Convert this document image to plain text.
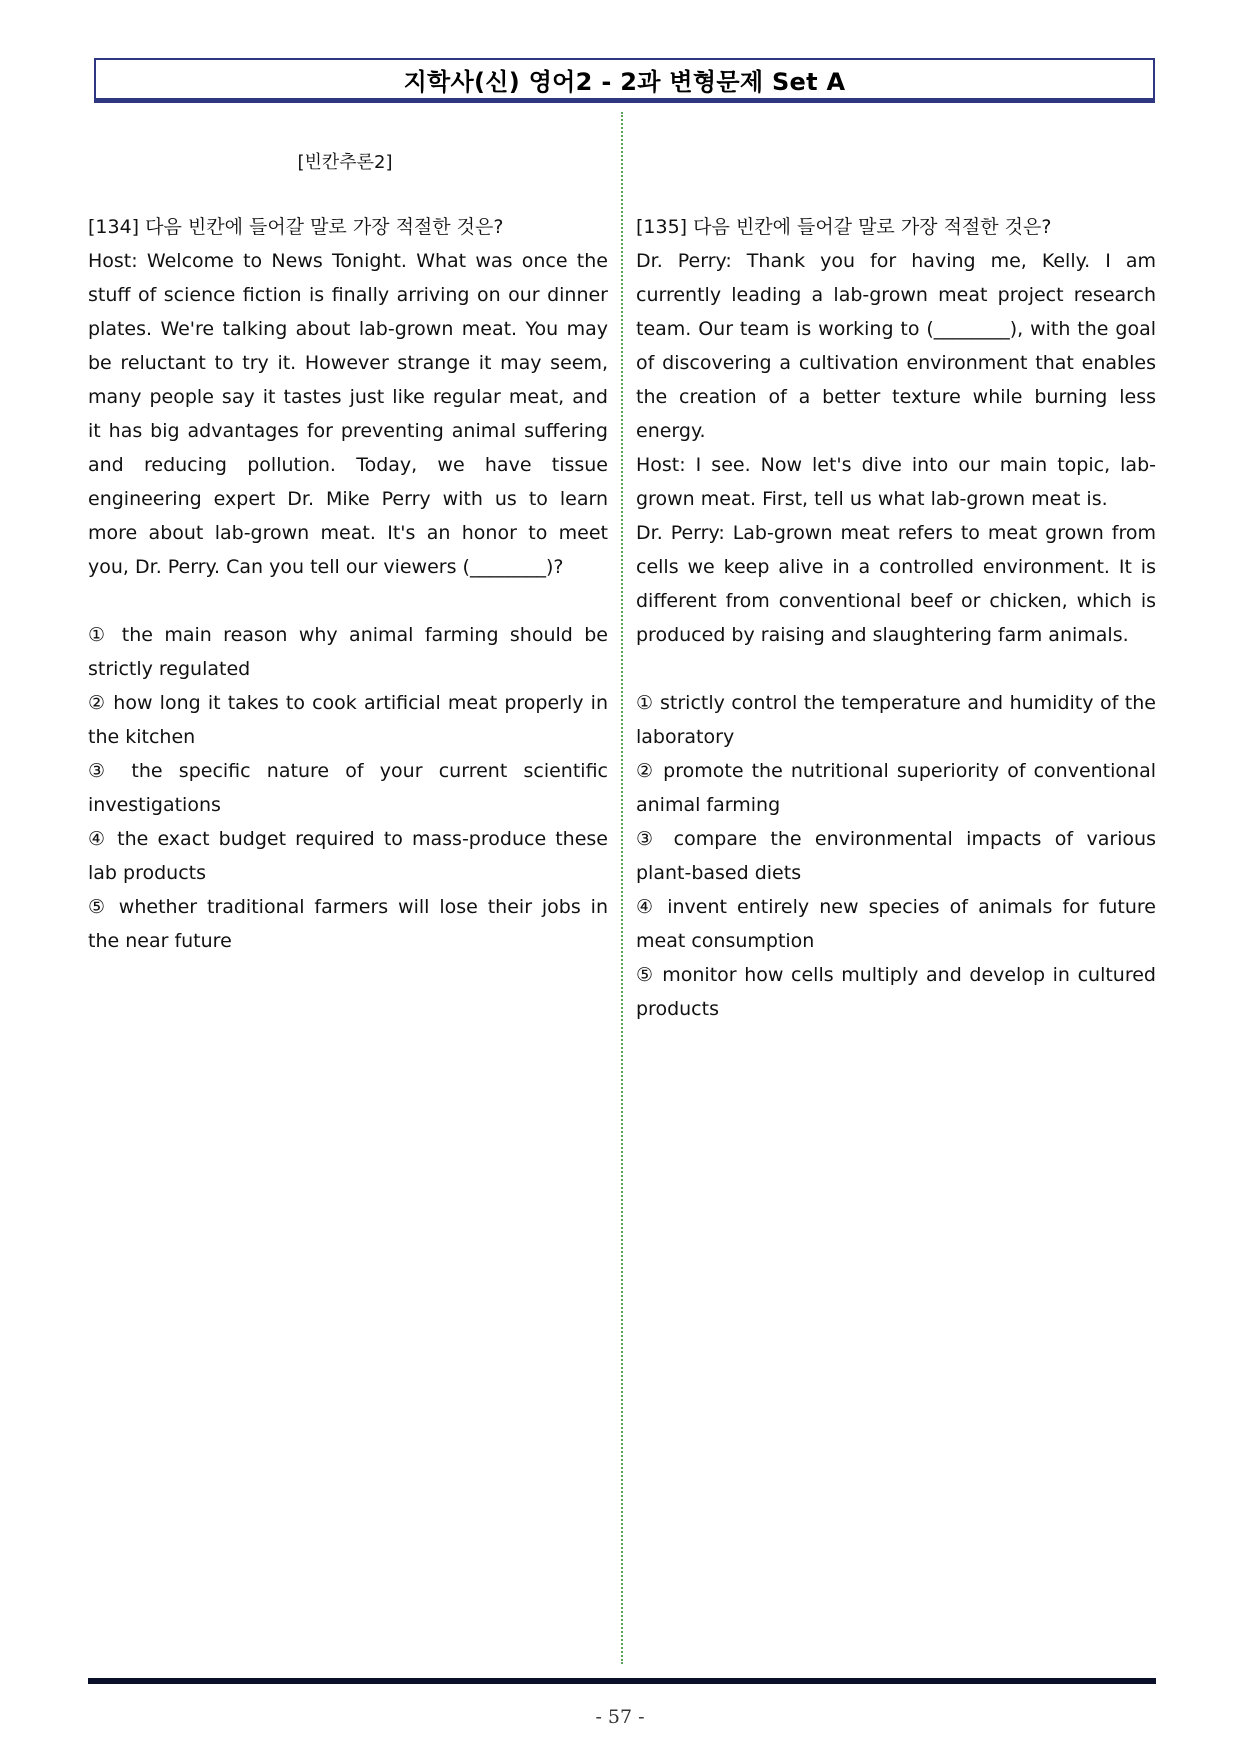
지학사(신) 영어2 - 2과 변형문제 Set A
[빈칸추론2]

[134] 다음 빈칸에 들어갈 말로 가장 적절한 것은?

Host: Welcome to News Tonight. What was once the stuff of science fiction is finally arriving on our dinner plates. We're talking about lab-grown meat. You may be reluctant to try it. However strange it may seem, many people say it tastes just like regular meat, and it has big advantages for preventing animal suffering and reducing pollution. Today, we have tissue engineering expert Dr. Mike Perry with us to learn more about lab-grown meat. It's an honor to meet you, Dr. Perry. Can you tell our viewers (________)?

① the main reason why animal farming should be strictly regulated

② how long it takes to cook artificial meat properly in the kitchen

③ the specific nature of your current scientific investigations

④ the exact budget required to mass-produce these lab products

⑤ whether traditional farmers will lose their jobs in the near future

[135] 다음 빈칸에 들어갈 말로 가장 적절한 것은?

Dr. Perry: Thank you for having me, Kelly. I am currently leading a lab-grown meat project research team. Our team is working to (________), with the goal of discovering a cultivation environment that enables the creation of a better texture while burning less energy.

Host: I see. Now let's dive into our main topic, lab-grown meat. First, tell us what lab-grown meat is.

Dr. Perry: Lab-grown meat refers to meat grown from cells we keep alive in a controlled environment. It is different from conventional beef or chicken, which is produced by raising and slaughtering farm animals.

① strictly control the temperature and humidity of the laboratory

② promote the nutritional superiority of conventional animal farming

③ compare the environmental impacts of various plant-based diets

④ invent entirely new species of animals for future meat consumption

⑤ monitor how cells multiply and develop in cultured products

- 57 -
